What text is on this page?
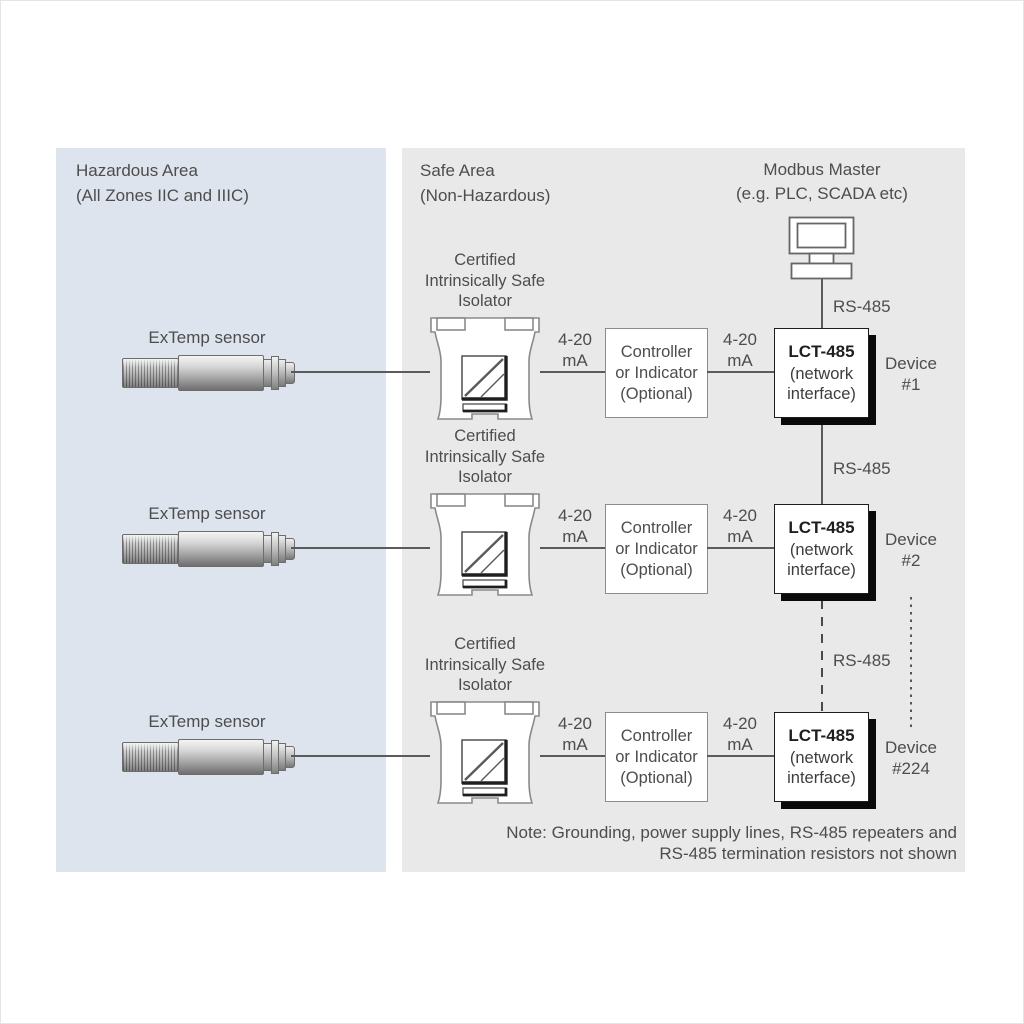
Hazardous Area
(All Zones IIC and IIIC)
Safe Area
(Non-Hazardous)
Modbus Master
(e.g. PLC, SCADA etc)
RS-485
RS-485
RS-485
ExTemp sensor
Certified
Intrinsically Safe
Isolator
4-20
mA	Controller
or Indicator
(Optional)
4-20
mA	LCT-485
(network
interface)
Device
#1
ExTemp sensor
Certified
Intrinsically Safe
Isolator
4-20
mA	Controller
or Indicator
(Optional)
4-20
mA	LCT-485
(network
interface)
Device
#2
ExTemp sensor
Certified
Intrinsically Safe
Isolator
4-20
mA	Controller
or Indicator
(Optional)
4-20
mA	LCT-485
(network
interface)
Device
#224
Note: Grounding, power supply lines, RS-485 repeaters and
RS-485 termination resistors not shown
